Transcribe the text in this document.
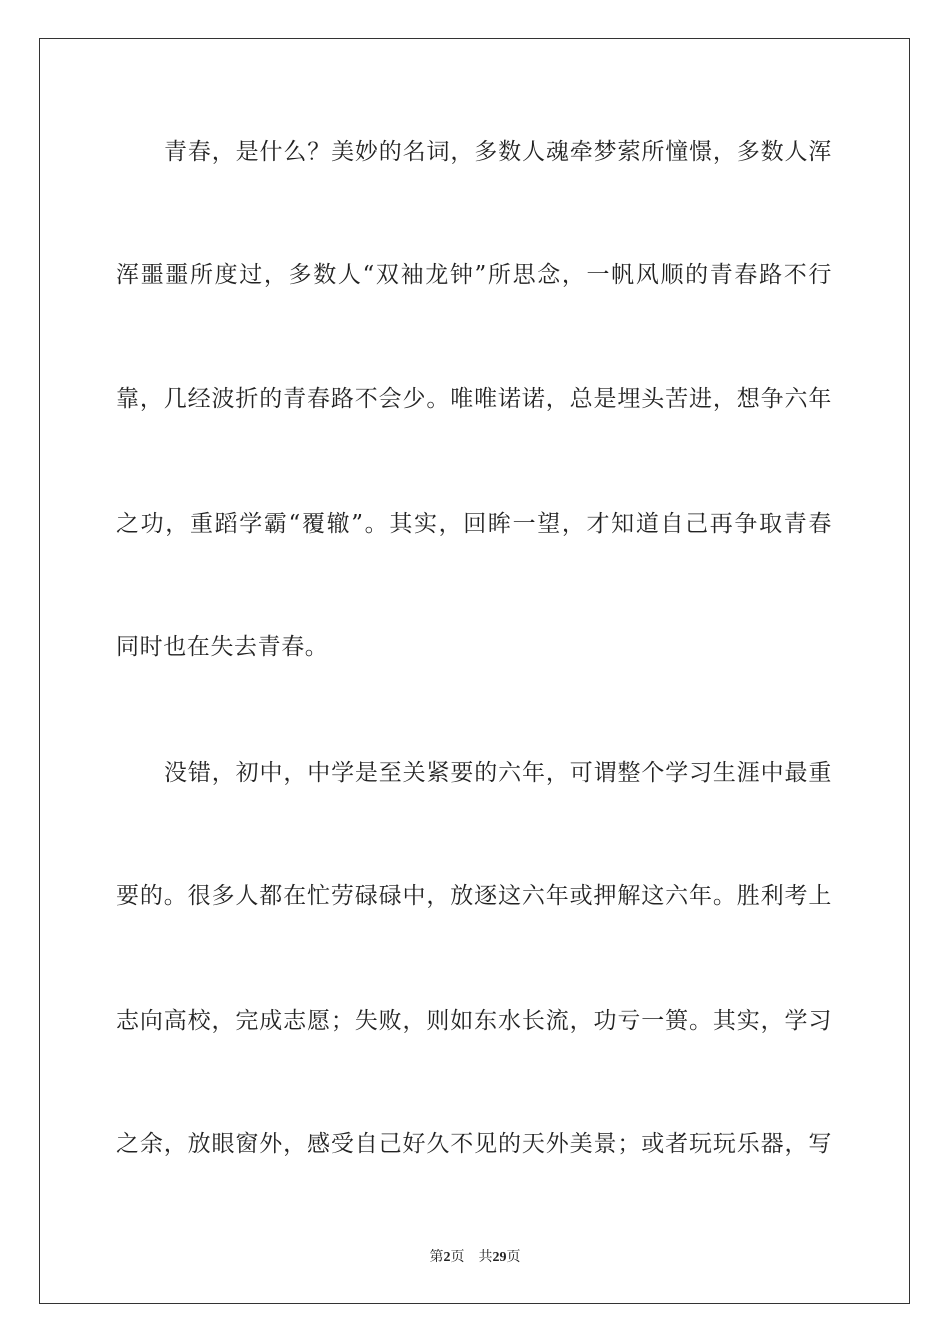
青春，是什么？美妙的名词，多数人魂牵梦萦所憧憬，多数人浑
浑噩噩所度过，多数人“双袖龙钟”所思念，一帆风顺的青春路不行
靠，几经波折的青春路不会少。唯唯诺诺，总是埋头苦进，想争六年
之功，重蹈学霸“覆辙”。其实，回眸一望，才知道自己再争取青春
同时也在失去青春。
没错，初中，中学是至关紧要的六年，可谓整个学习生涯中最重
要的。很多人都在忙劳碌碌中，放逐这六年或押解这六年。胜利考上
志向高校，完成志愿；失败，则如东水长流，功亏一篑。其实，学习
之余，放眼窗外，感受自己好久不见的天外美景；或者玩玩乐器，写
第2页 共29页
